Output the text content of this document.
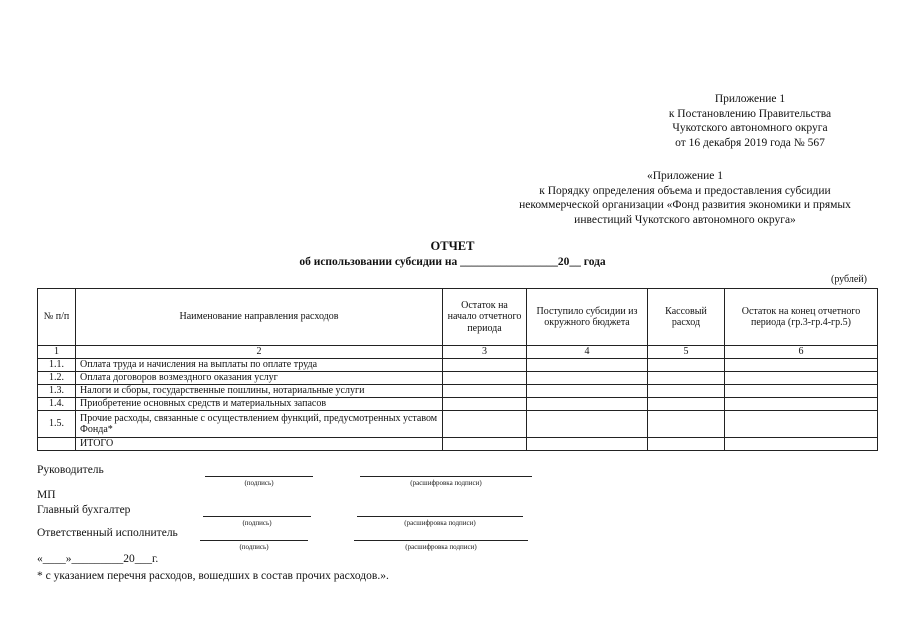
Приложение 1
к Постановлению Правительства
Чукотского автономного округа
от 16 декабря 2019 года № 567
«Приложение 1
к Порядку определения объема и предоставления субсидии
некоммерческой организации «Фонд развития экономики и прямых
инвестиций Чукотского автономного округа»
ОТЧЕТ
об использовании субсидии на _________________20__ года
(рублей)
№ п/п	Наименование направления расходов	Остаток на начало отчетного периода	Поступило субсидии из окружного бюджета	Кассовый расход	Остаток на конец отчетного периода (гр.3-гр.4-гр.5)
1	2	3	4	5	6
1.1.	Оплата труда и начисления на выплаты по оплате труда				
1.2.	Оплата договоров возмездного оказания услуг				
1.3.	Налоги и сборы, государственные пошлины, нотариальные услуги				
1.4.	Приобретение основных средств и материальных запасов				
1.5.	Прочие расходы, связанные с осуществлением функций, предусмотренных уставом Фонда*				
	ИТОГО				
Руководитель
(подпись)	(расшифровка подписи)
МП
Главный бухгалтер
(подпись)	(расшифровка подписи)
Ответственный исполнитель
(подпись)	(расшифровка подписи)
«____»_________20___г.
* с указанием перечня расходов, вошедших в состав прочих расходов.».
